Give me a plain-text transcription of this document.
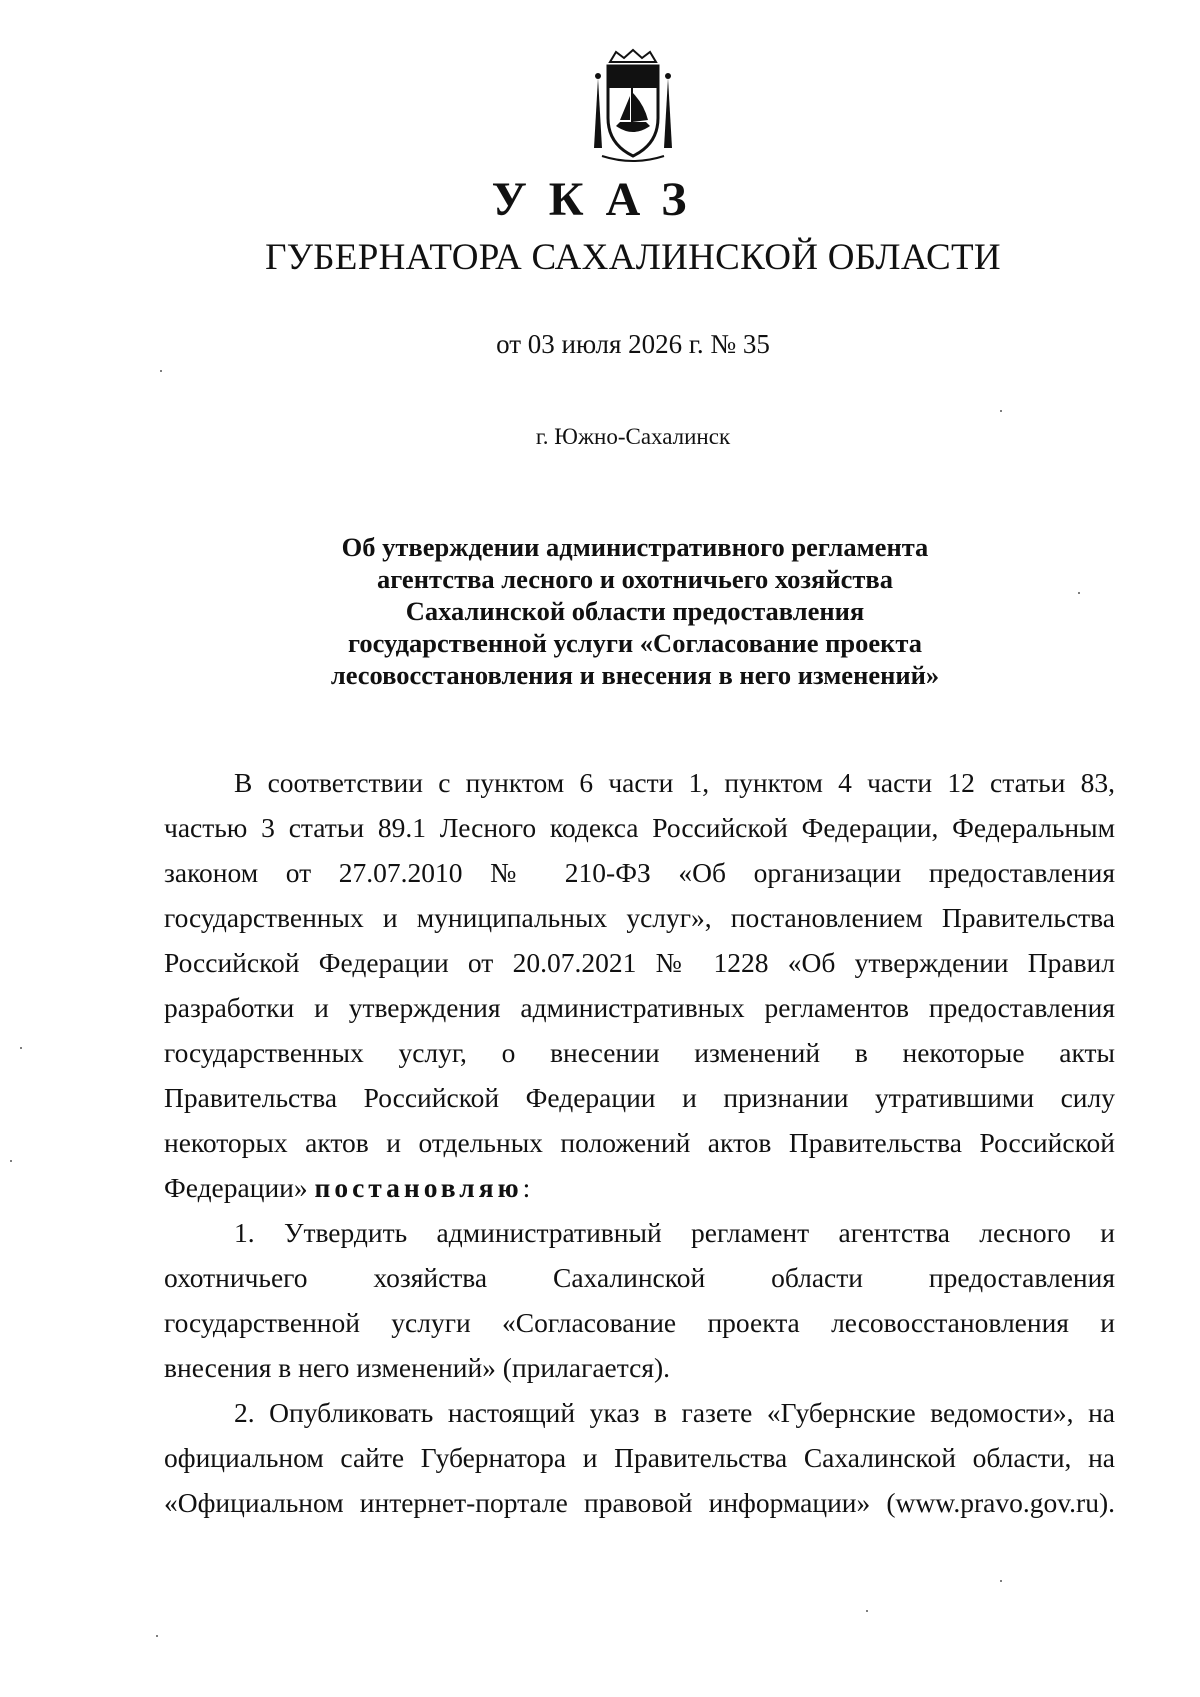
УКАЗ
ГУБЕРНАТОРА САХАЛИНСКОЙ ОБЛАСТИ
от 03 июля 2026 г. № 35
г. Южно-Сахалинск
Об утверждении административного регламента
агентства лесного и охотничьего хозяйства
Сахалинской области предоставления
государственной услуги «Согласование проекта
лесовосстановления и внесения в него изменений»
В соответствии с пунктом 6 части 1, пунктом 4 части 12 статьи 83,
частью 3 статьи 89.1 Лесного кодекса Российской Федерации, Федеральным
законом от 27.07.2010 № 210-ФЗ «Об организации предоставления
государственных и муниципальных услуг», постановлением Правительства
Российской Федерации от 20.07.2021 № 1228 «Об утверждении Правил
разработки и утверждения административных регламентов предоставления
государственных услуг, о внесении изменений в некоторые акты
Правительства Российской Федерации и признании утратившими силу
некоторых актов и отдельных положений актов Правительства Российской
Федерации» постановляю:
1. Утвердить административный регламент агентства лесного и
охотничьего хозяйства Сахалинской области предоставления
государственной услуги «Согласование проекта лесовосстановления и
внесения в него изменений» (прилагается).
2. Опубликовать настоящий указ в газете «Губернские ведомости», на
официальном сайте Губернатора и Правительства Сахалинской области, на
«Официальном интернет-портале правовой информации» (www.pravo.gov.ru).
